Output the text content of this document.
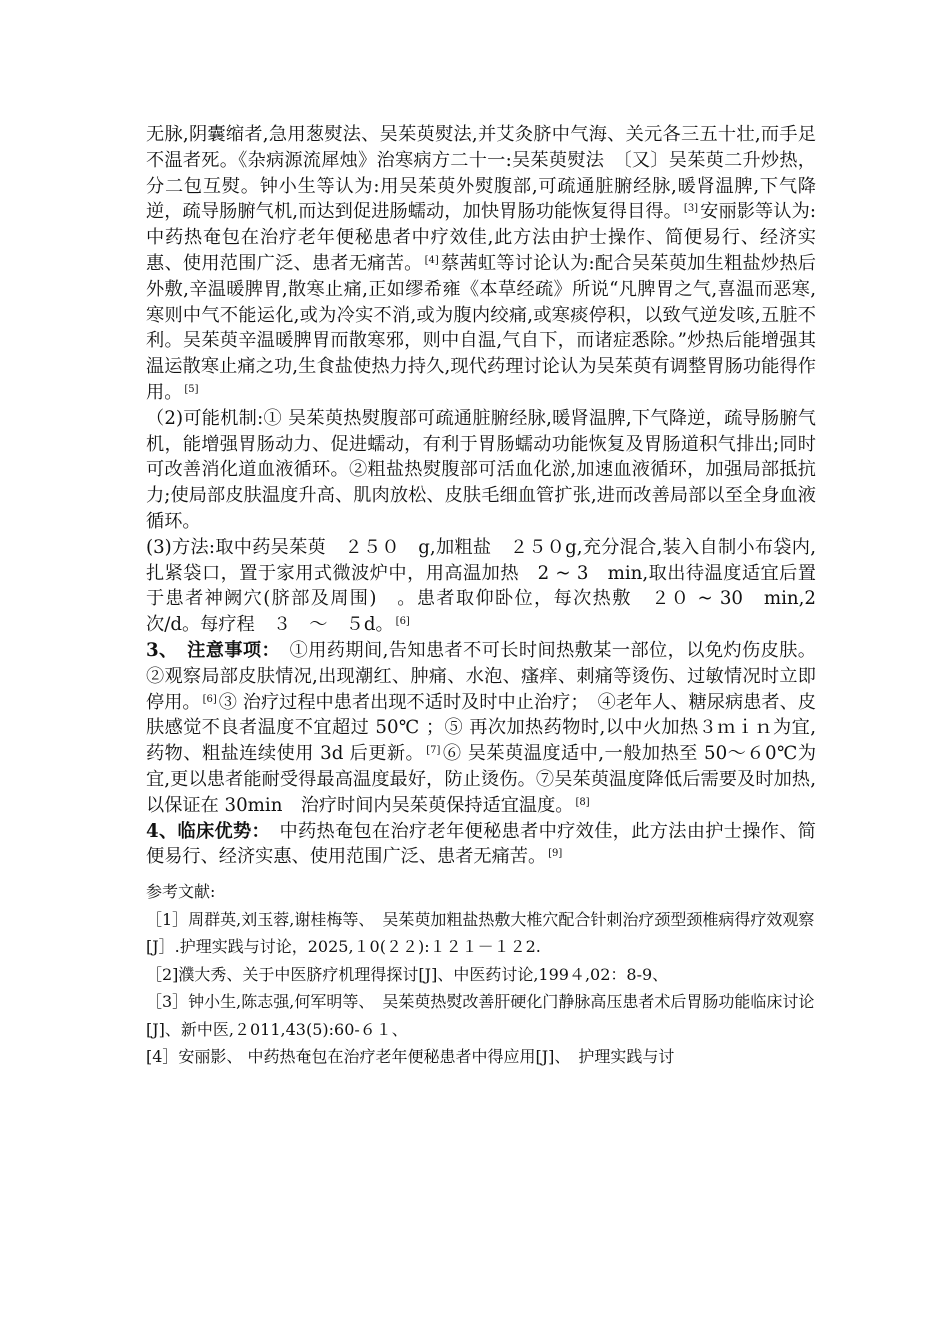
无脉,阴囊缩者,急用葱熨法、吴茱萸熨法,并艾灸脐中气海、关元各三五十壮,而手足不温者死。《杂病源流犀烛》治寒病方二十一:吴茱萸熨法　〔又〕吴茱萸二升炒热，分二包互熨。钟小生等认为:用吴茱萸外熨腹部,可疏通脏腑经脉,暖肾温脾,下气降逆，疏导肠腑气机,而达到促进肠蠕动，加快胃肠功能恢复得目得。 [3] 安丽影等认为:中药热奄包在治疗老年便秘患者中疗效佳,此方法由护士操作、简便易行、经济实惠、使用范围广泛、患者无痛苦。 [4] 蔡茜虹等讨论认为:配合吴茱萸加生粗盐炒热后外敷,辛温暖脾胃,散寒止痛,正如缪希雍《本草经疏》所说“凡脾胃之气,喜温而恶寒,寒则中气不能运化,或为冷实不消,或为腹内绞痛,或寒痰停积，以致气逆发咳,五脏不利。吴茱萸辛温暖脾胃而散寒邪，则中自温,气自下，而诸症悉除。”炒热后能增强其温运散寒止痛之功,生食盐使热力持久,现代药理讨论认为吴茱萸有调整胃肠功能得作用。 [5]

（2)可能机制:① 吴茱萸热熨腹部可疏通脏腑经脉,暖肾温脾,下气降逆，疏导肠腑气机，能增强胃肠动力、促进蠕动，有利于胃肠蠕动功能恢复及胃肠道积气排出;同时可改善消化道血液循环。②粗盐热熨腹部可活血化淤,加速血液循环，加强局部抵抗力;使局部皮肤温度升高、肌肉放松、皮肤毛细血管扩张,进而改善局部以至全身血液循环。

(3)方法:取中药吴茱萸　２５０　g,加粗盐　２５０g,充分混合,装入自制小布袋内,扎紧袋口，置于家用式微波炉中，用高温加热　2 ~ 3　min,取出待温度适宜后置于患者神阙穴(脐部及周围)　。患者取仰卧位，每次热敷　２０ ~ 30　min,2 次/d。每疗程　３　～　５d。 [6]

3、　注意事项：　①用药期间,告知患者不可长时间热敷某一部位，以免灼伤皮肤。②观察局部皮肤情况,出现潮红、肿痛、水泡、瘙痒、刺痛等烫伤、过敏情况时立即停用。 [6] ③ 治疗过程中患者出现不适时及时中止治疗；　④老年人、糖尿病患者、皮肤感觉不良者温度不宜超过 50℃ ；⑤ 再次加热药物时,以中火加热３ｍｉｎ为宜,药物、粗盐连续使用 3d 后更新。 [7] ⑥ 吴茱萸温度适中,一般加热至 50～６0℃为宜,更以患者能耐受得最高温度最好，防止烫伤。⑦吴茱萸温度降低后需要及时加热,以保证在 30min　治疗时间内吴茱萸保持适宜温度。 [8]

4、临床优势：　中药热奄包在治疗老年便秘患者中疗效佳，此方法由护士操作、简便易行、经济实惠、使用范围广泛、患者无痛苦。 [9]

参考文献:

［1］周群英,刘玉蓉,谢桂梅等、　吴茱萸加粗盐热敷大椎穴配合针刺治疗颈型颈椎病得疗效观察[J］.护理实践与讨论，2025,１0(２２):１２１－１２2.

［2]濮大秀、关于中医脐疗机理得探讨[J]、中医药讨论,199４,02：8-9、

［3］钟小生,陈志强,何军明等、　吴茱萸热熨改善肝硬化门静脉高压患者术后胃肠功能临床讨论[J]、新中医,２011,43(5):60-６１、

[4］安丽影、 中药热奄包在治疗老年便秘患者中得应用[J]、　护理实践与讨
